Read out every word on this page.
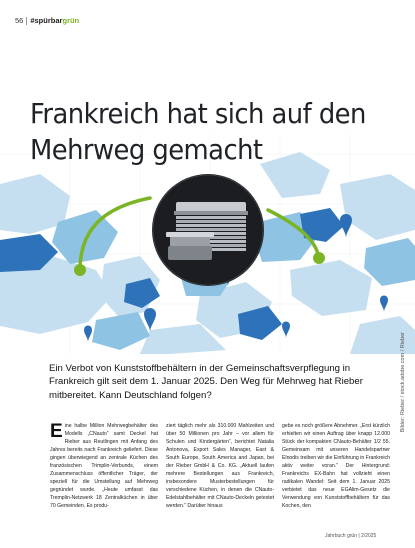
56 #spürbargrün
Frankreich hat sich auf den Mehrweg gemacht
Bilder: Rieber / stock.adobe.com / Rieber

Ein Verbot von Kunststoffbehältern in der Gemeinschaftsverpflegung in Frankreich gilt seit dem 1. Januar 2025. Den Weg für Mehrweg hat Rieber mitbereitet. Kann Deutschland folgen?

Eine halbe Million Mehrwegbehälter des Modells „CNauto“ samt Deckel hat Rieber aus Reutlingen mit Anfang des Jahres bereits nach Frankreich geliefert. Diese gingen überwiegend an zentrale Küchen des französischen Trimplin-Verbunds, einem Zusammenschluss öffentlicher Träger, der speziell für die Umstellung auf Mehrweg gegründet wurde. „Heute umfasst das Tremplin-Netzwerk 18 Zentralküchen in über 70 Gemeinden. Es produ-

ziert täglich mehr als 310.000 Mahlzeiten und über 50 Millionen pro Jahr – vor allem für Schulen und Kindergärten“, berichtet Natalia Antonova, Export Sales Manager, East & South Europe, South America and Japan, bei der Rieber GmbH & Co. KG. „Aktuell laufen mehrere Bestellungen aus Frankreich, insbesondere Musterbestellungen für verschiedene Küchen, in denen die CNauto-Edelstahlbehälter mit CNauto-Deckeln getestet werden.“ Darüber hinaus

gebe es noch größere Abnehmer. „Erst kürzlich erhielten wir einen Auftrag über knapp 12.000 Stück der kompakten CNauto-Behälter 1/2 55. Gemeinsam mit unseren Handelspartner Elnodis treiben wir die Einführung in Frankreich aktiv weiter voran.“ Der Hintergrund: Frankreichs EX-Bahn hat vollzieht einen radikalen Wandel: Seit dem 1. Januar 2025 verbietet das neue EGAlim-Gesetz die Verwendung von Kunststoffbehältern für das Kochen, den

Jahrbuch grün | 2/2025
